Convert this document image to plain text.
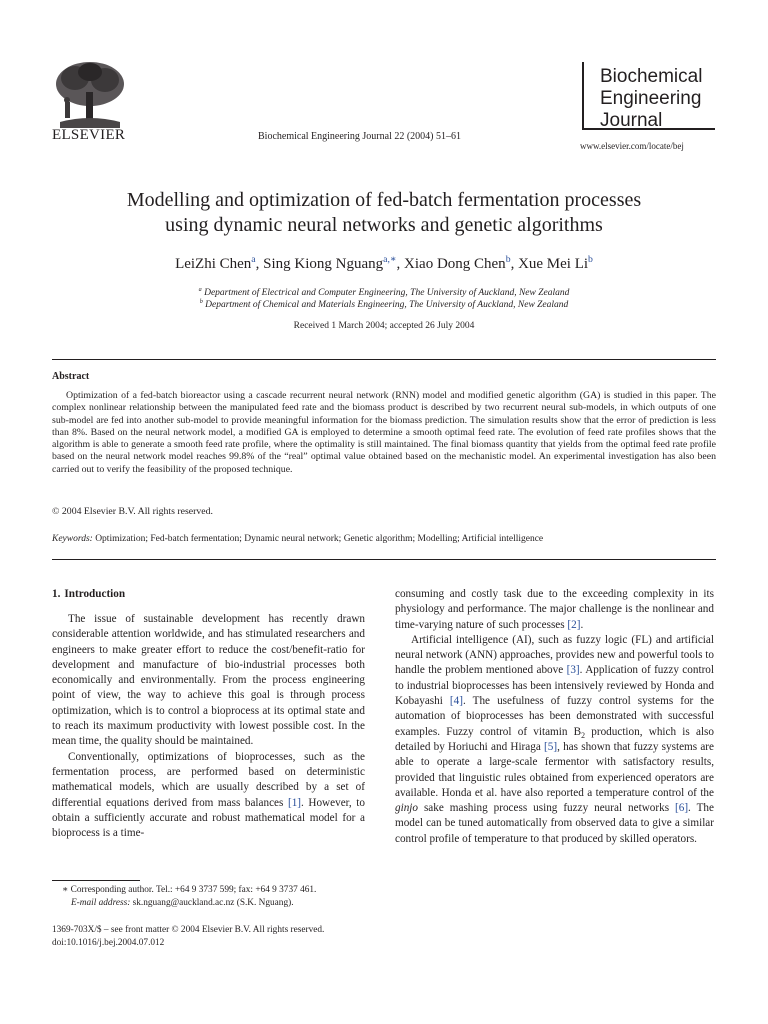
ELSEVIER	Biochemical Engineering Journal 22 (2004) 51–61
Biochemical
Engineering
Journal
www.elsevier.com/locate/bej
Modelling and optimization of fed-batch fermentation processes
using dynamic neural networks and genetic algorithms
LeiZhi Chen$^a$, Sing Kiong Nguang$^{a,∗}$, Xiao Dong Chen$^b$, Xue Mei Li$^b$
$^a$ Department of Electrical and Computer Engineering, The University of Auckland, New Zealand
$^b$ Department of Chemical and Materials Engineering, The University of Auckland, New Zealand
Received 1 March 2004; accepted 26 July 2004
Abstract
Optimization of a fed-batch bioreactor using a cascade recurrent neural network (RNN) model and modified genetic algorithm (GA) is studied in this paper. The complex nonlinear relationship between the manipulated feed rate and the biomass product is described by two recurrent neural sub-models, in which outputs of one sub-model are fed into another sub-model to provide meaningful information for the biomass prediction. The simulation results show that the error of prediction is less than 8%. Based on the neural network model, a modified GA is employed to determine a smooth optimal feed rate. The evolution of feed rate profiles shows that the algorithm is able to generate a smooth feed rate profile, where the optimality is still maintained. The final biomass quantity that yields from the optimal feed rate profile based on the neural network model reaches 99.8% of the “real” optimal value obtained based on the mechanistic model. An experimental investigation has also been carried out to verify the feasibility of the proposed technique.
© 2004 Elsevier B.V. All rights reserved.
Keywords: Optimization; Fed-batch fermentation; Dynamic neural network; Genetic algorithm; Modelling; Artificial intelligence
1. Introduction

The issue of sustainable development has recently drawn considerable attention worldwide, and has stimulated researchers and engineers to make greater effort to reduce the cost/benefit-ratio for development and manufacture of bio-industrial processes both economically and environmentally. From the process engineering point of view, the way to achieve this goal is through process optimization, which is to control a bioprocess at its optimal state and to reach its maximum productivity with lowest possible cost. In the mean time, the quality should be maintained.

Conventionally, optimizations of bioprocesses, such as the fermentation process, are performed based on deterministic mathematical models, which are usually described by a set of differential equations derived from mass balances [1]. However, to obtain a sufficiently accurate and robust mathematical model for a bioprocess is a time-

consuming and costly task due to the exceeding complexity in its physiology and performance. The major challenge is the nonlinear and time-varying nature of such processes [2].

Artificial intelligence (AI), such as fuzzy logic (FL) and artificial neural network (ANN) approaches, provides new and powerful tools to handle the problem mentioned above [3]. Application of fuzzy control to industrial bioprocesses has been intensively reviewed by Honda and Kobayashi [4]. The usefulness of fuzzy control systems for the automation of bioprocesses has been demonstrated with successful examples. Fuzzy control of vitamin $B_2$ production, which is also detailed by Horiuchi and Hiraga [5], has shown that fuzzy systems are able to operate a large-scale fermentor with satisfactory results, provided that linguistic rules obtained from experienced operators are available. Honda et al. have also reported a temperature control of the ginjo sake mashing process using fuzzy neural networks [6]. The model can be tuned automatically from observed data to give a similar control profile of temperature to that produced by skilled operators.

∗ Corresponding author. Tel.: +64 9 3737 599; fax: +64 9 3737 461.
E-mail address: sk.nguang@auckland.ac.nz (S.K. Nguang).
1369-703X/$ – see front matter © 2004 Elsevier B.V. All rights reserved.
doi:10.1016/j.bej.2004.07.012
